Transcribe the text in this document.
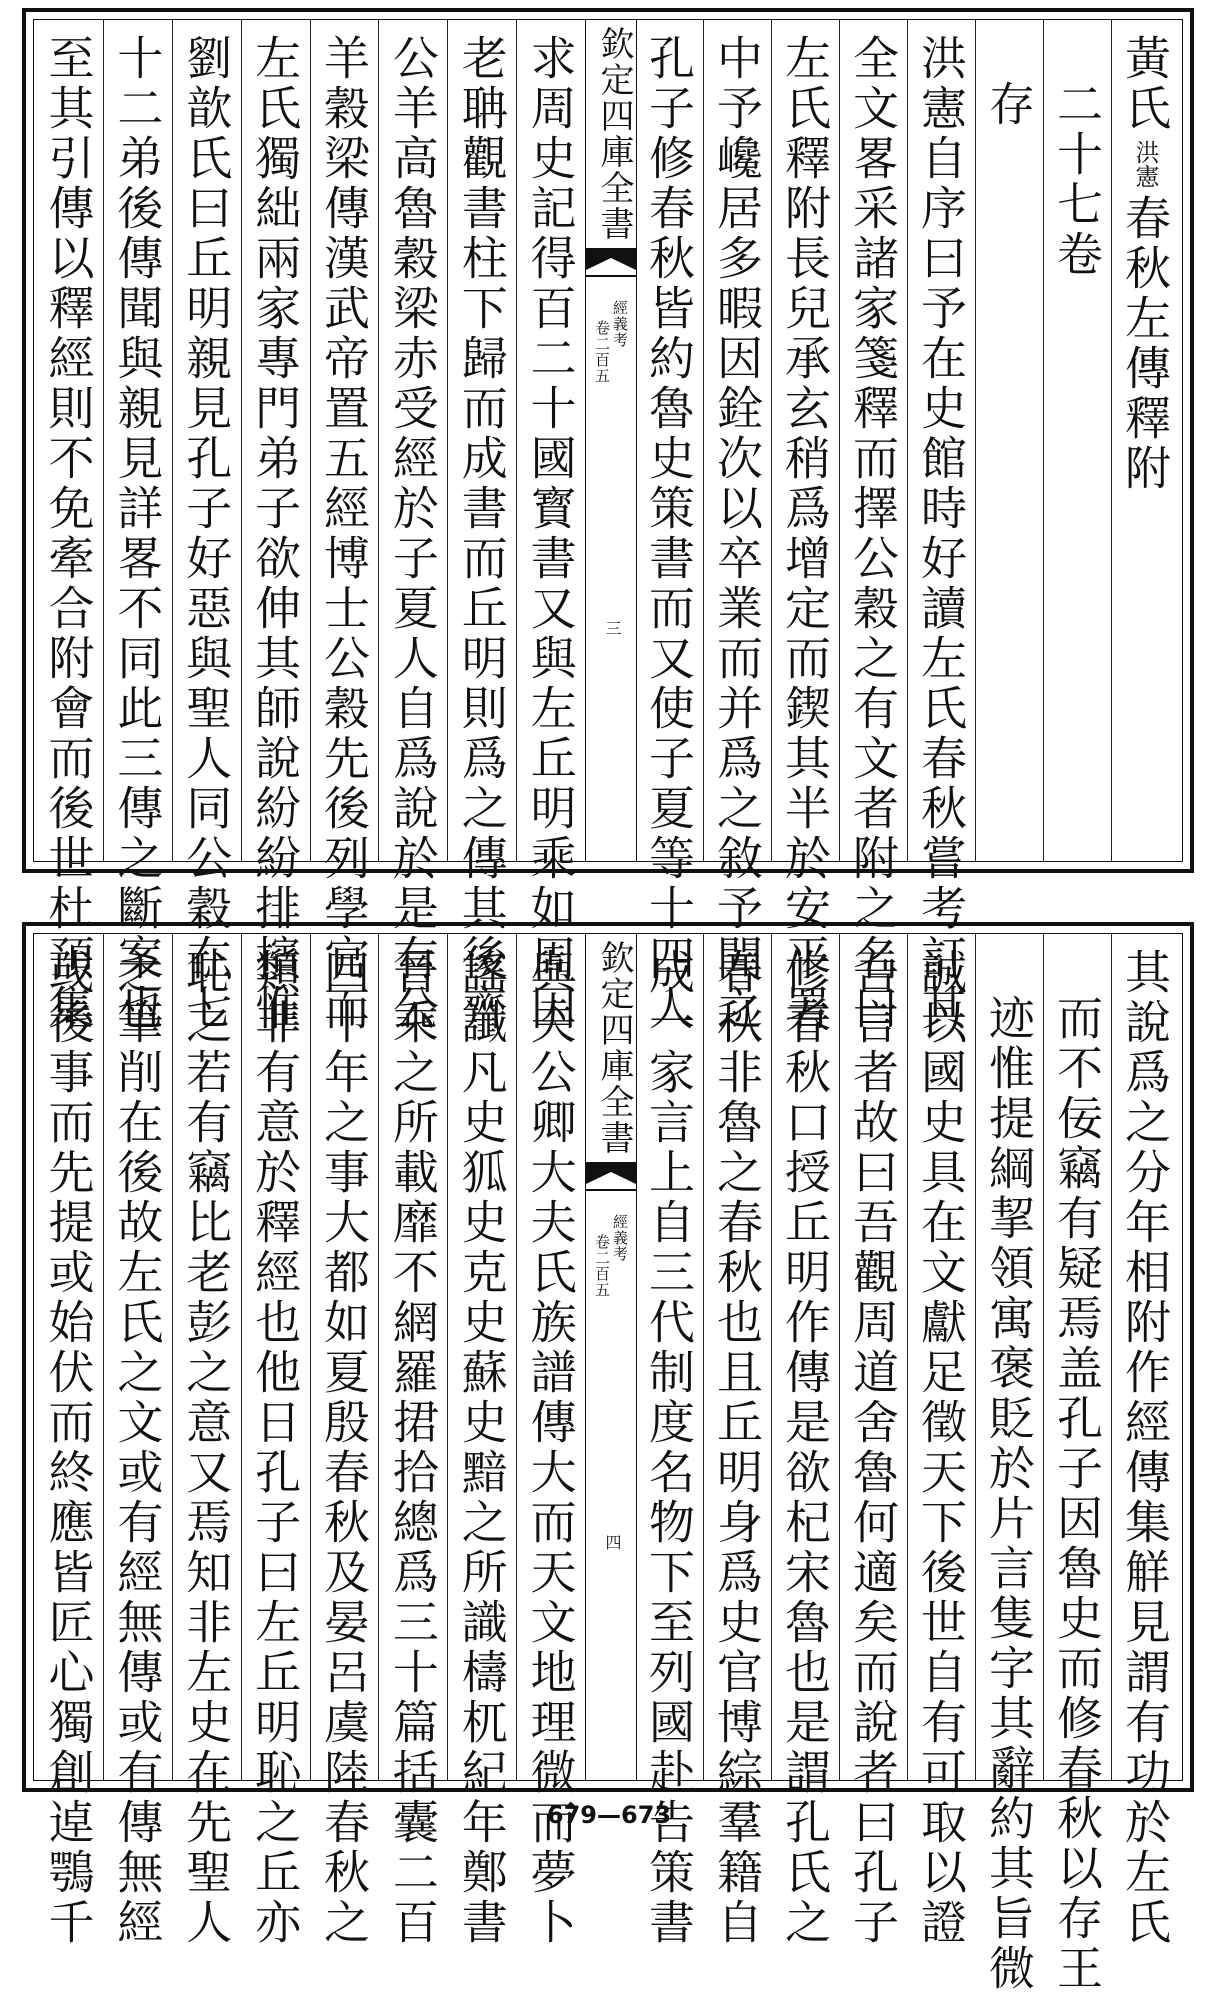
黃氏洪憲春秋左傳釋附
二十七卷
存
洪憲自序曰予在史館時好讀左氏春秋嘗考訂其
全文畧采諸家箋釋而擇公穀之有文者附之名曰
左氏釋附長兒承玄稍爲增定而鍥其半於安平署
中予巉居多暇因銓次以卒業而并爲之敘予聞之
孔子修春秋皆約魯史策書而又使子夏等十四人
欽定四庫全書
經義考
卷二百五
三
求周史記得百二十國寳書又與左丘明乘如周因
老聃觀書柱下歸而成書而丘明則爲之傳其後齊
公羊高魯穀梁赤受經於子夏人自爲說於是有公
羊穀梁傳漢武帝置五經博士公穀先後列學官而
左氏獨絀兩家專門弟子欲伸其師說紛紛排擯惟
劉歆氏曰丘明親見孔子好惡與聖人同公穀在七
十二弟後傳聞與親見詳畧不同此三傳之斷案也
至其引傳以釋經則不免牽合附會而後世杜預集
其說爲之分年相附作經傳集觧見謂有功於左氏
而不佞竊有疑焉盖孔子因魯史而修春秋以存王
迹惟提綱挈領寓褒貶於片言隻字其辭約其旨微
誠以國史具在文獻足徵天下後世自有可取以證
吾言者故曰吾觀周道舍魯何適矣而說者曰孔子
修春秋口授丘明作傳是欲杞宋魯也是謂孔氏之
春秋非魯之春秋也且丘明身爲史官博綜羣籍自
成一家言上自三代制度名物下至列國赴告策書
欽定四庫全書
經義考
卷二百五
四
與夫公卿大夫氏族譜傳大而天文地理微而夢卜
謠讖凡史狐史克史蘇史黯之所識檮杌紀年鄭書
晉乘之所載靡不網羅捃拾總爲三十篇括囊二百
四十年之事大都如夏殷春秋及晏呂虞陸春秋之
類非有意於釋經也他日孔子曰左丘明恥之丘亦
恥之若有竊比老彭之意又焉知非左史在先聖人
之筆削在後故左氏之文或有經無傳或有傳無經
或後事而先提或始伏而終應皆匠心獨創逴鶚千	679—673
